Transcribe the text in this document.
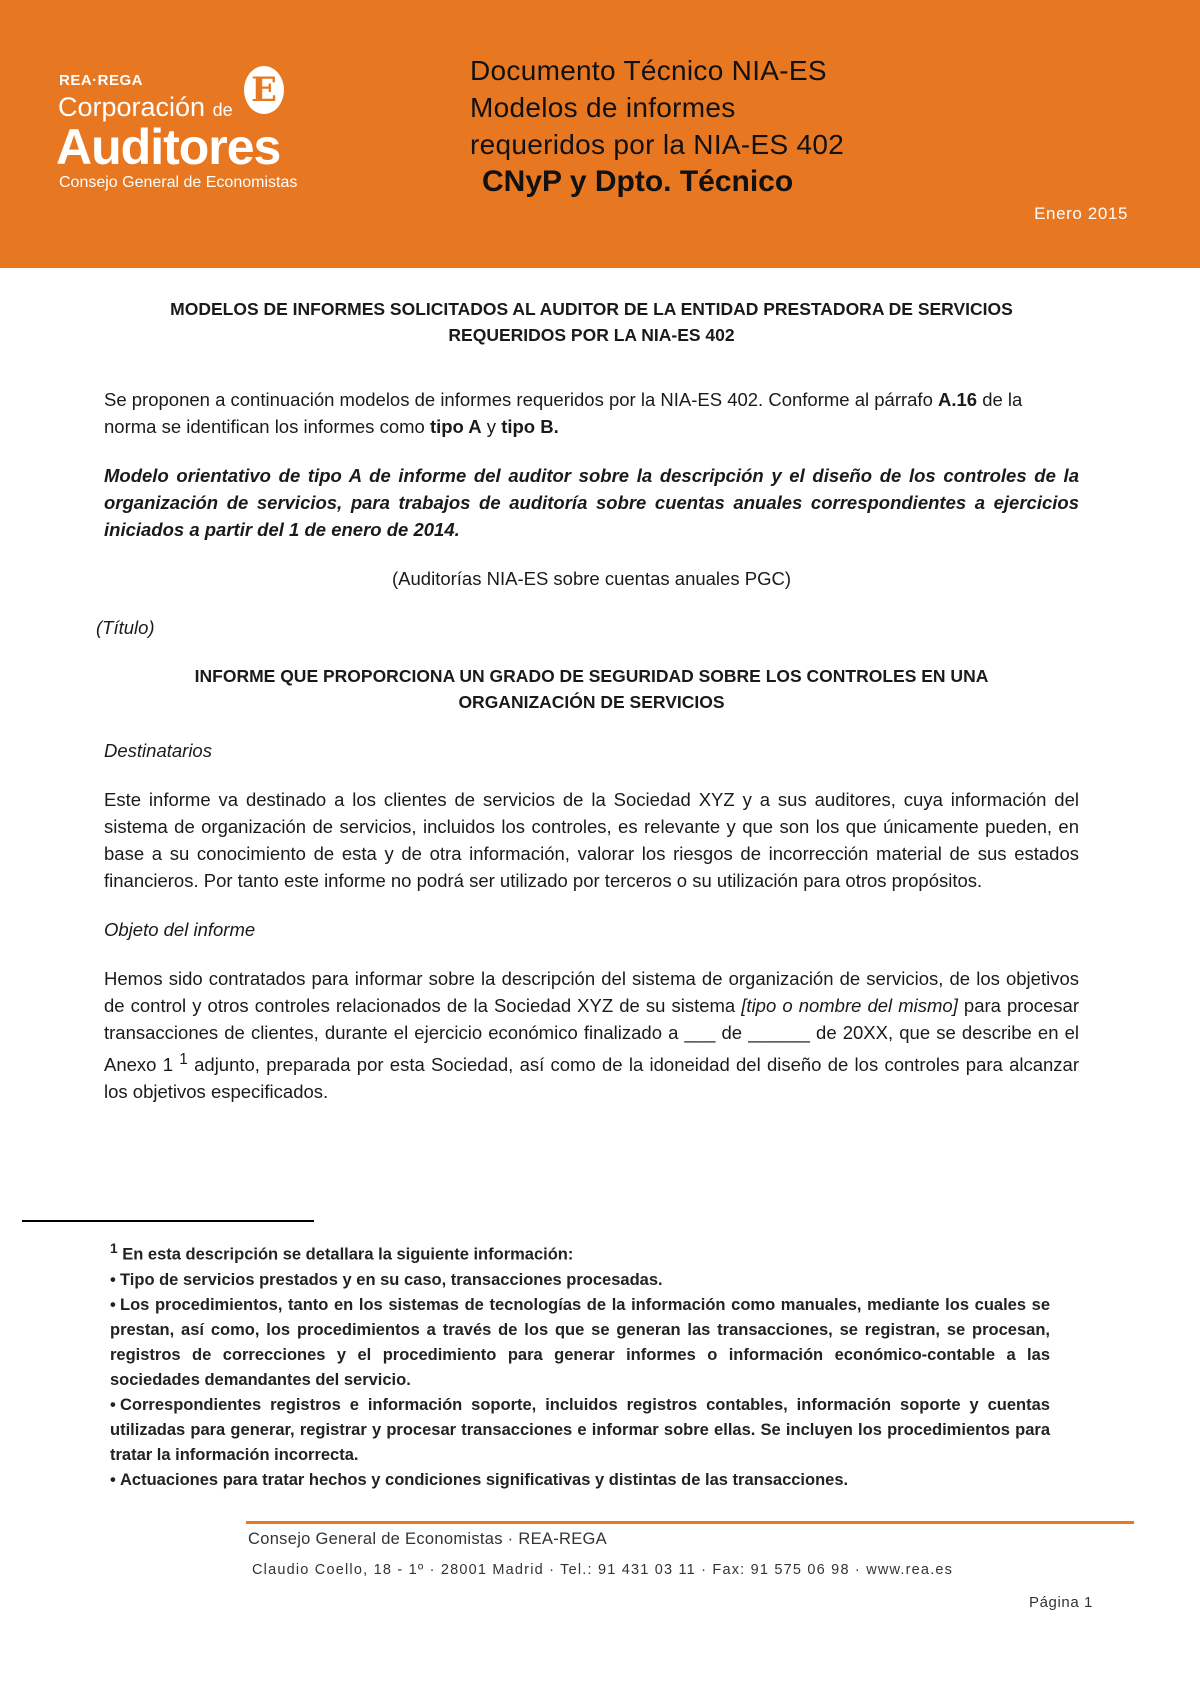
REA·REGA
Corporación de
Auditores
Consejo General de Economistas
E	Documento Técnico NIA-ES
Modelos de informes
requeridos por la NIA-ES 402
CNyP y Dpto. Técnico
Enero 2015

MODELOS DE INFORMES SOLICITADOS AL AUDITOR DE LA ENTIDAD PRESTADORA DE SERVICIOS

REQUERIDOS POR LA NIA-ES 402

Se proponen a continuación modelos de informes requeridos por la NIA-ES 402. Conforme al párrafo A.16 de la norma se identifican los informes como tipo A y tipo B.

Modelo orientativo de tipo A de informe del auditor sobre la descripción y el diseño de los controles de la organización de servicios, para trabajos de auditoría sobre cuentas anuales correspondientes a ejercicios iniciados a partir del 1 de enero de 2014.

(Auditorías NIA-ES sobre cuentas anuales PGC)

(Título)

INFORME QUE PROPORCIONA UN GRADO DE SEGURIDAD SOBRE LOS CONTROLES EN UNA

ORGANIZACIÓN DE SERVICIOS

Destinatarios

Este informe va destinado a los clientes de servicios de la Sociedad XYZ y a sus auditores, cuya información del sistema de organización de servicios, incluidos los controles, es relevante y que son los que únicamente pueden, en base a su conocimiento de esta y de otra información, valorar los riesgos de incorrección material de sus estados financieros. Por tanto este informe no podrá ser utilizado por terceros o su utilización para otros propósitos.

Objeto del informe

Hemos sido contratados para informar sobre la descripción del sistema de organización de servicios, de los objetivos de control y otros controles relacionados de la Sociedad XYZ de su sistema [tipo o nombre del mismo] para procesar transacciones de clientes, durante el ejercicio económico finalizado a ___ de ______ de 20XX, que se describe en el Anexo 1 $^1$ adjunto, preparada por esta Sociedad, así como de la idoneidad del diseño de los controles para alcanzar los objetivos especificados.

$^1$ En esta descripción se detallara la siguiente información:

• Tipo de servicios prestados y en su caso, transacciones procesadas.

• Los procedimientos, tanto en los sistemas de tecnologías de la información como manuales, mediante los cuales se prestan, así como, los procedimientos a través de los que se generan las transacciones, se registran, se procesan, registros de correcciones y el procedimiento para generar informes o información económico-contable a las sociedades demandantes del servicio.

• Correspondientes registros e información soporte, incluidos registros contables, información soporte y cuentas utilizadas para generar, registrar y procesar transacciones e informar sobre ellas. Se incluyen los procedimientos para tratar la información incorrecta.

• Actuaciones para tratar hechos y condiciones significativas y distintas de las transacciones.

Consejo General de Economistas · REA-REGA
Claudio Coello, 18 - 1º · 28001 Madrid · Tel.: 91 431 03 11 · Fax: 91 575 06 98 · www.rea.es
Página 1
